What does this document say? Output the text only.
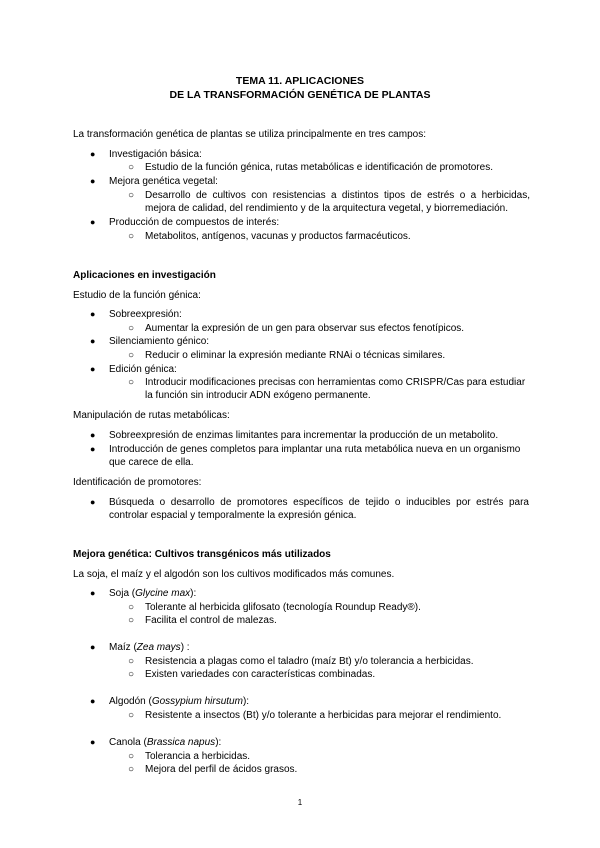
TEMA 11. APLICACIONES
DE LA TRANSFORMACIÓN GENÉTICA DE PLANTAS
La transformación genética de plantas se utiliza principalmente en tres campos:
● Investigación básica:
○ Estudio de la función génica, rutas metabólicas e identificación de promotores.
● Mejora genética vegetal:
○ Desarrollo de cultivos con resistencias a distintos tipos de estrés o a herbicidas, mejora de calidad, del rendimiento y de la arquitectura vegetal, y biorremediación.
● Producción de compuestos de interés:
○ Metabolitos, antígenos, vacunas y productos farmacéuticos.
Aplicaciones en investigación
Estudio de la función génica:
● Sobreexpresión:
○ Aumentar la expresión de un gen para observar sus efectos fenotípicos.
● Silenciamiento génico:
○ Reducir o eliminar la expresión mediante RNAi o técnicas similares.
● Edición génica:
○ Introducir modificaciones precisas con herramientas como CRISPR/Cas para estudiar la función sin introducir ADN exógeno permanente.
Manipulación de rutas metabólicas:
● Sobreexpresión de enzimas limitantes para incrementar la producción de un metabolito.
● Introducción de genes completos para implantar una ruta metabólica nueva en un organismo que carece de ella.
Identificación de promotores:
● Búsqueda o desarrollo de promotores específicos de tejido o inducibles por estrés para controlar espacial y temporalmente la expresión génica.
Mejora genética: Cultivos transgénicos más utilizados
La soja, el maíz y el algodón son los cultivos modificados más comunes.
● Soja (Glycine max):
○ Tolerante al herbicida glifosato (tecnología Roundup Ready®).
○ Facilita el control de malezas.
● Maíz (Zea mays) :
○ Resistencia a plagas como el taladro (maíz Bt) y/o tolerancia a herbicidas.
○ Existen variedades con características combinadas.
● Algodón (Gossypium hirsutum):
○ Resistente a insectos (Bt) y/o tolerante a herbicidas para mejorar el rendimiento.
● Canola (Brassica napus):
○ Tolerancia a herbicidas.
○ Mejora del perfil de ácidos grasos.
1
